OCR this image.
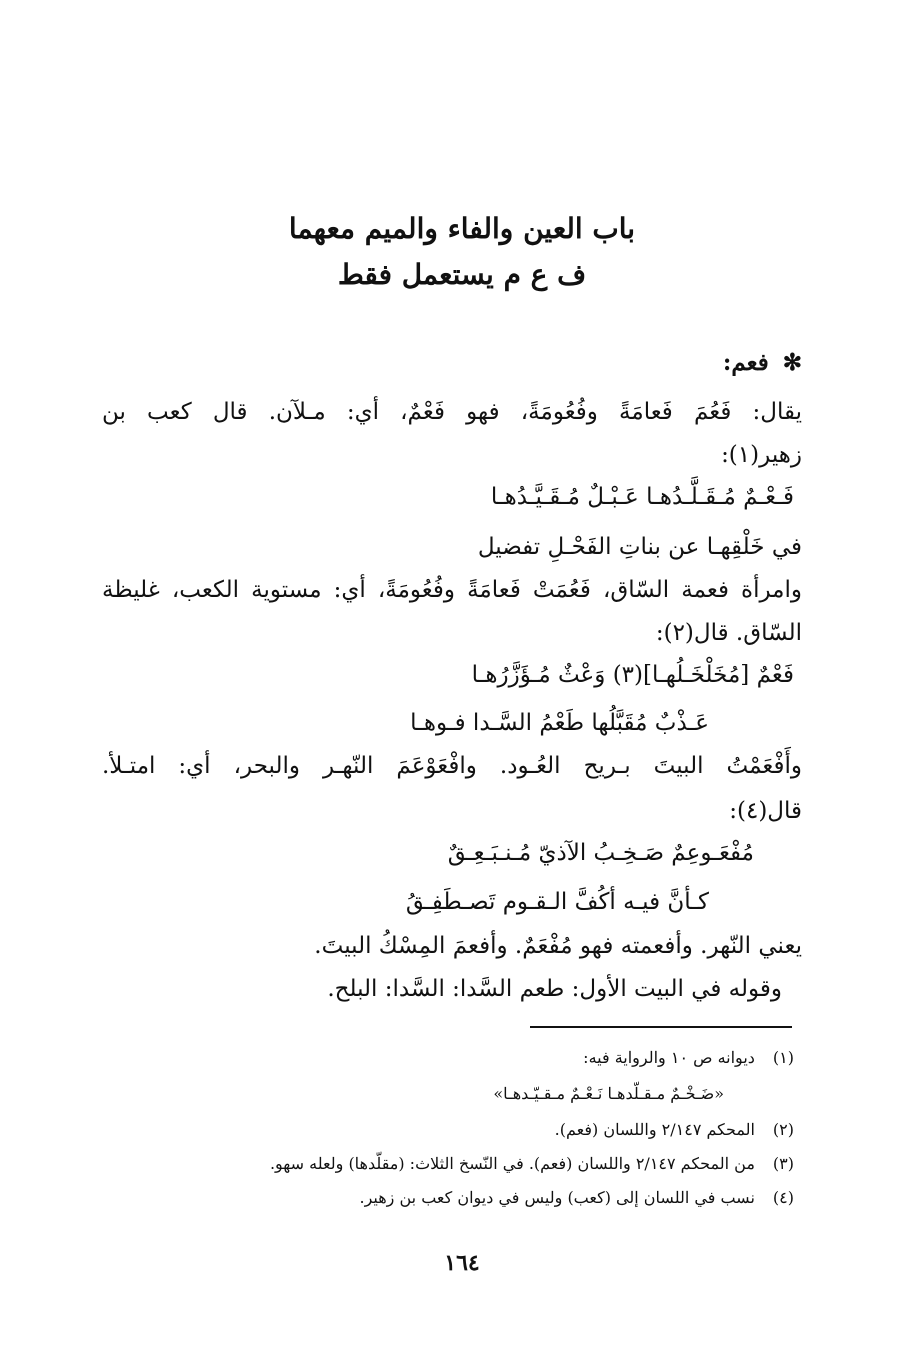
باب العين والفاء والميم معهما
ف ع م يستعمل فقط
✻فعم:
يقال: فَعُمَ فَعامَةً وفُعُومَةً، فهو فَعْمٌ، أي: مـلآن. قال كعب بن
زهير(١):
فَـعْـمٌ مُـقَـلَّـدُهـا عَـبْـلٌ مُـقَـيَّـدُهـا
في خَلْقِهـا عن بناتِ الفَحْـلِ تفضيل
وامرأة فعمة السّاق، فَعُمَتْ فَعامَةً وفُعُومَةً، أي: مستوية الكعب، غليظة
السّاق. قال(٢):
فَعْمٌ [مُخَلْخَـلُهـا](٣) وَعْثٌ مُـؤَزَّرُهـا
عَـذْبٌ مُقَبَّلُها طَعْمُ السَّـدا فـوهـا
وأَفْعَمْتُ البيتَ بـريح العُـود. وافْعَوْعَمَ النّهـر والبحر، أي: امتـلأ.
قال(٤):
مُفْعَـوعِمٌ صَـخِـبُ الآذيّ مُـنـبَـعِـقٌ
كـأنَّ فيـه أكُفَّ الـقـوم تَصـطَفِـقُ
يعني النّهر. وأفعمته فهو مُفْعَمٌ. وأفعمَ المِسْكُ البيتَ.
وقوله في البيت الأول: طعم السَّدا: السَّدا: البلح.
(١) ديوانه ص ١٠ والرواية فيه:
«ضَـخْـمٌ مـقـلّدهـا نَـعْـمٌ مـقـيّـدهـا»
(٢) المحكم ٢/١٤٧ واللسان (فعم).
(٣) من المحكم ٢/١٤٧ واللسان (فعم). في النّسخ الثلاث: (مقلّدها) ولعله سهو.
(٤) نسب في اللسان إلى (كعب) وليس في ديوان كعب بن زهير.
١٦٤
